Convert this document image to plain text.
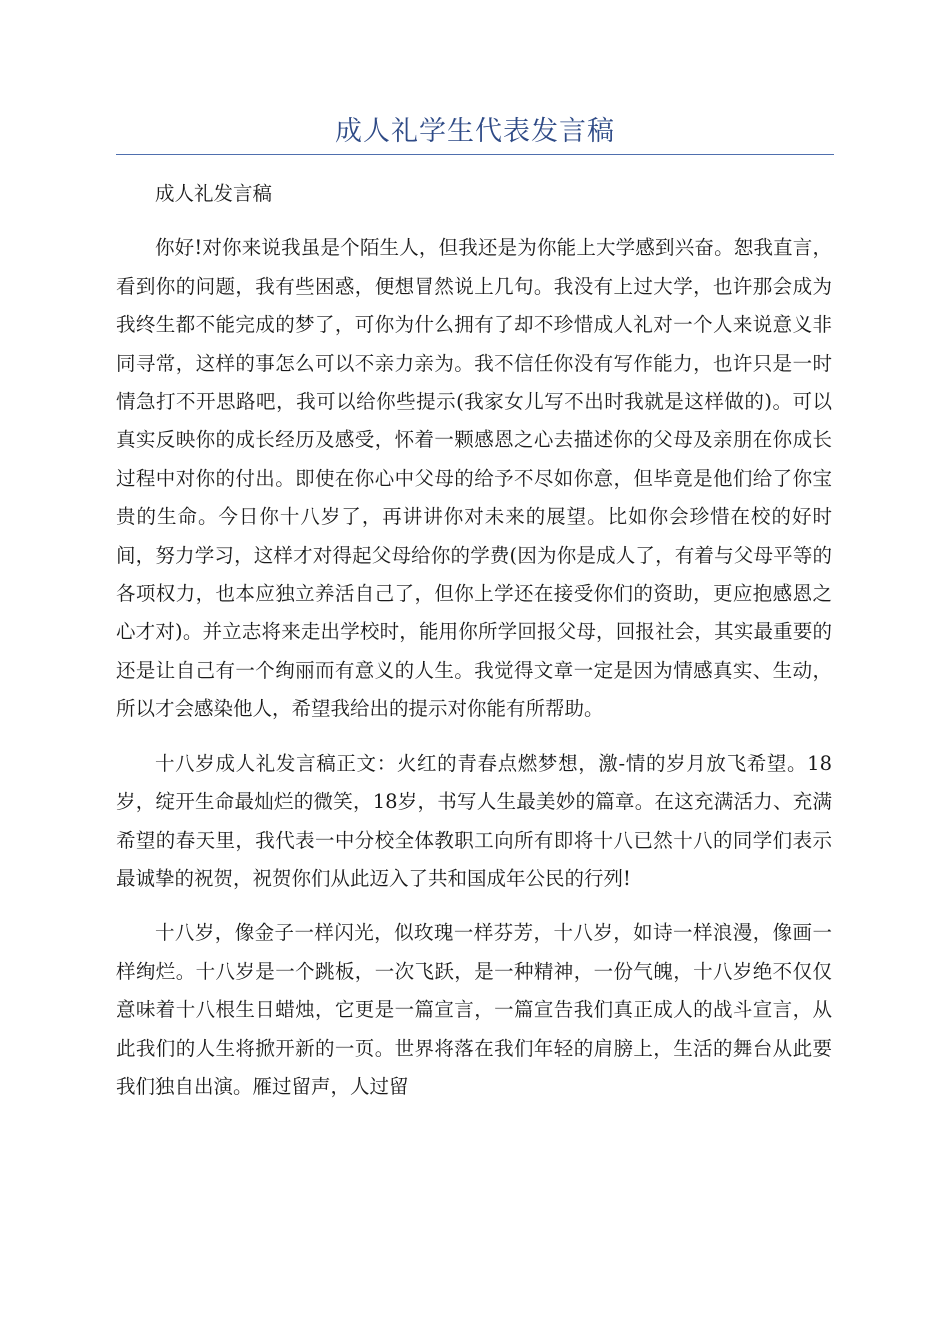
成人礼学生代表发言稿

成人礼发言稿

你好!对你来说我虽是个陌生人，但我还是为你能上大学感到兴奋。恕我直言，看到你的问题，我有些困惑，便想冒然说上几句。我没有上过大学，也许那会成为我终生都不能完成的梦了，可你为什么拥有了却不珍惜成人礼对一个人来说意义非同寻常，这样的事怎么可以不亲力亲为。我不信任你没有写作能力，也许只是一时情急打不开思路吧，我可以给你些提示(我家女儿写不出时我就是这样做的)。可以真实反映你的成长经历及感受，怀着一颗感恩之心去描述你的父母及亲朋在你成长过程中对你的付出。即使在你心中父母的给予不尽如你意，但毕竟是他们给了你宝贵的生命。今日你十八岁了，再讲讲你对未来的展望。比如你会珍惜在校的好时间，努力学习，这样才对得起父母给你的学费(因为你是成人了，有着与父母平等的各项权力，也本应独立养活自己了，但你上学还在接受你们的资助，更应抱感恩之心才对)。并立志将来走出学校时，能用你所学回报父母，回报社会，其实最重要的还是让自己有一个绚丽而有意义的人生。我觉得文章一定是因为情感真实、生动，所以才会感染他人，希望我给出的提示对你能有所帮助。

十八岁成人礼发言稿正文：火红的青春点燃梦想，激-情的岁月放飞希望。18岁，绽开生命最灿烂的微笑，18岁，书写人生最美妙的篇章。在这充满活力、充满希望的春天里，我代表一中分校全体教职工向所有即将十八已然十八的同学们表示最诚挚的祝贺，祝贺你们从此迈入了共和国成年公民的行列!

十八岁，像金子一样闪光，似玫瑰一样芬芳，十八岁，如诗一样浪漫，像画一样绚烂。十八岁是一个跳板，一次飞跃，是一种精神，一份气魄，十八岁绝不仅仅意味着十八根生日蜡烛，它更是一篇宣言，一篇宣告我们真正成人的战斗宣言，从此我们的人生将掀开新的一页。世界将落在我们年轻的肩膀上，生活的舞台从此要我们独自出演。雁过留声，人过留
